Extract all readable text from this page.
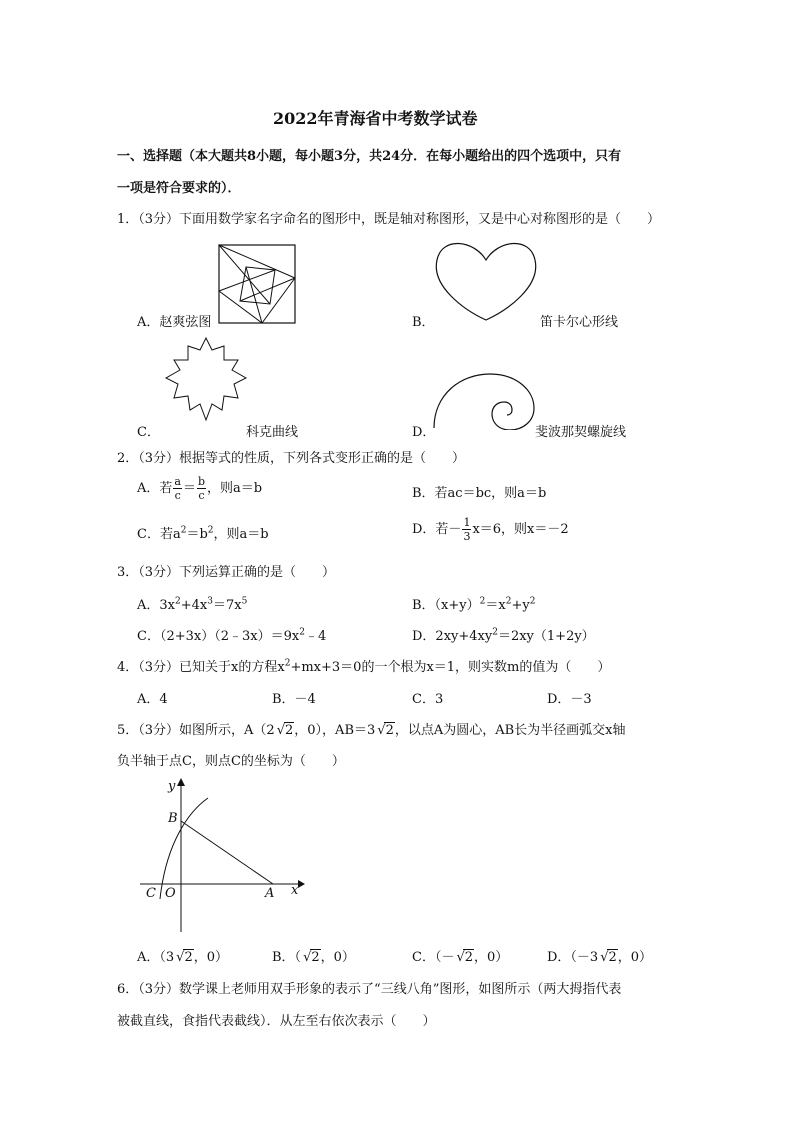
2022年青海省中考数学试卷
一、选择题（本大题共8小题，每小题3分，共24分．在每小题给出的四个选项中，只有
一项是符合要求的）．
1．（3分）下面用数学家名字命名的图形中，既是轴对称图形，又是中心对称图形的是（　　）
A．赵爽弦图	B．	笛卡尔心形线
C．	科克曲线	D．	斐波那契螺旋线
2．（3分）根据等式的性质，下列各式变形正确的是（　　）
A．若 $\frac{a}{c} = \frac{b}{c}$ ，则a＝b	B．若ac＝bc，则a＝b
C．若$a^2=b^2$，则a＝b	D．若－ $\frac{1}{3} x=6$，则x＝－2
3．（3分）下列运算正确的是（　　）
A．$3x^2+4x^3=7x^5$	B．$(x+y)^2=x^2+y^2$
C．$(2+3x)(2﹣3x)=9x^2﹣4$	D．$2xy+4xy^2=2xy(1+2y)$
4．（3分）已知关于x的方程$x^2+mx+3=0$的一个根为x＝1，则实数m的值为（　　）
A．4	B．－4	C．3	D．－3
5．（3分）如图所示，A（2 √2，0），AB＝3 √2，以点A为圆心，AB长为半径画弧交x轴
负半轴于点C，则点C的坐标为（　　）
y
B
C O	A x
A．（3 √2，0）	B．（ √2，0）	C．（－ √2，0）	D．（－3 √2，0）
6．（3分）数学课上老师用双手形象的表示了“三线八角”图形，如图所示（两大拇指代表
被截直线，食指代表截线）．从左至右依次表示（　　）
